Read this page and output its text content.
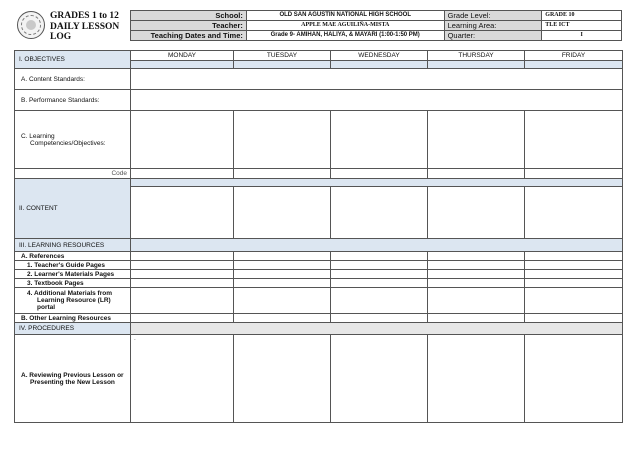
GRADES 1 to 12
DAILY LESSON
LOG
School:	OLD SAN AGUSTIN NATIONAL HIGH SCHOOL	Grade Level:	GRADE 10
Teacher:	APPLE MAE AGUILIÑA-MISTA	Learning Area:	TLE ICT
Teaching Dates and Time:	Grade 9- AMIHAN, HALIYA, & MAYARI (1:00-1:50 PM)	Quarter:	I
I. OBJECTIVES	MONDAY	TUESDAY	WEDNESDAY	THURSDAY	FRIDAY

A. Content Standards:					
B. Performance Standards:					

C. Learning
Competencies/Objectives:					

Code					
II. CONTENT					

III. LEARNING RESOURCES					
A. References					
1. Teacher's Guide Pages					
2. Learner's Materials Pages					
3. Textbook Pages					

4. Additional Materials from
Learning Resource (LR)
portal					

B. Other Learning Resources					
IV. PROCEDURES					

A. Reviewing Previous Lesson or
Presenting the New Lesson	.				
